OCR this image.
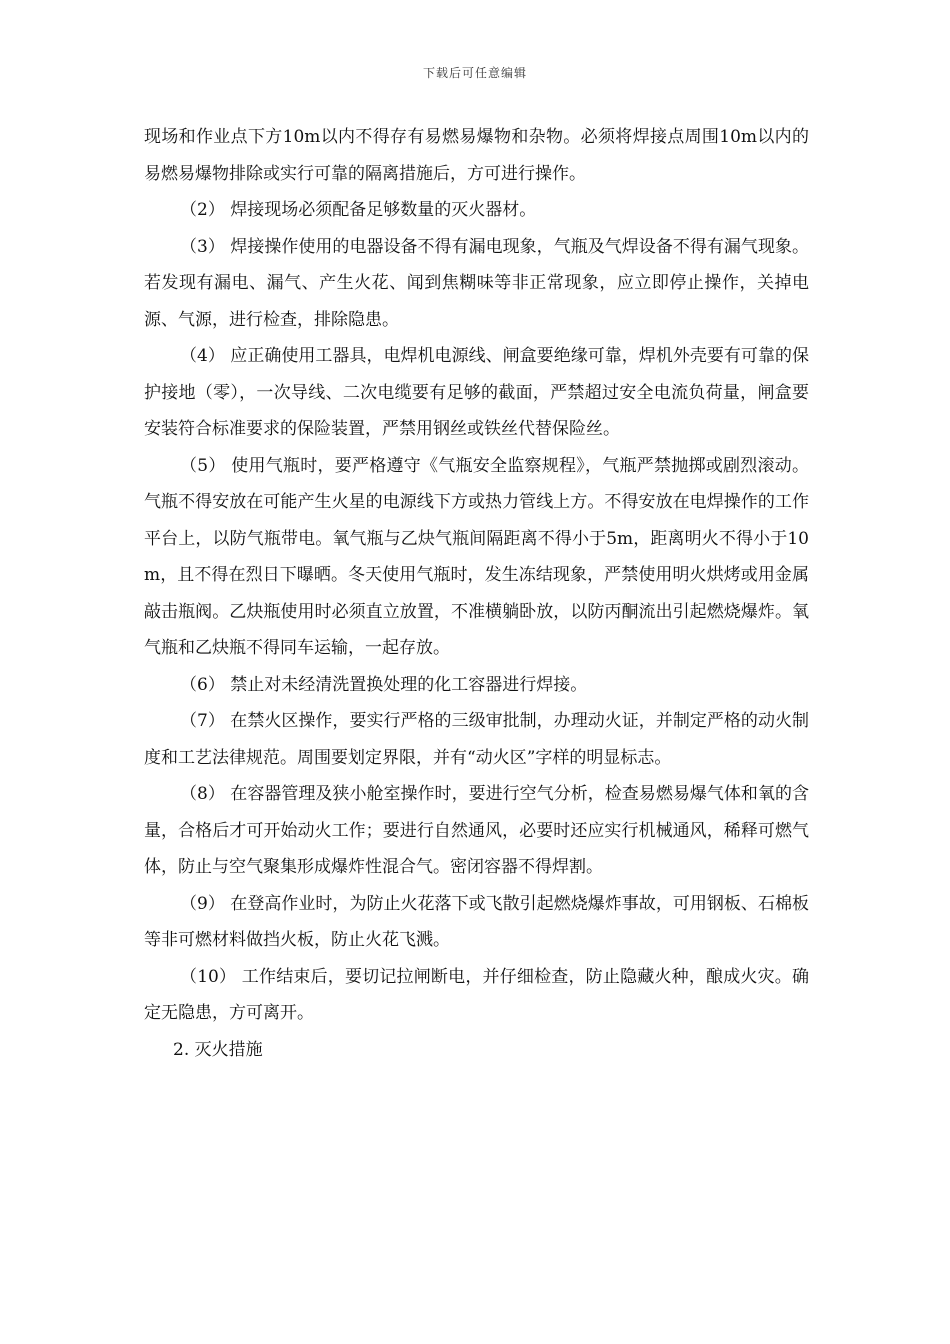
下载后可任意编辑

现场和作业点下方10m以内不得存有易燃易爆物和杂物。必须将焊接点周围10m以内的易燃易爆物排除或实行可靠的隔离措施后，方可进行操作。

（2） 焊接现场必须配备足够数量的灭火器材。

（3） 焊接操作使用的电器设备不得有漏电现象，气瓶及气焊设备不得有漏气现象。若发现有漏电、漏气、产生火花、闻到焦糊味等非正常现象，应立即停止操作，关掉电源、气源，进行检查，排除隐患。

（4） 应正确使用工器具，电焊机电源线、闸盒要绝缘可靠，焊机外壳要有可靠的保护接地（零），一次导线、二次电缆要有足够的截面，严禁超过安全电流负荷量，闸盒要安装符合标准要求的保险装置，严禁用钢丝或铁丝代替保险丝。

（5） 使用气瓶时，要严格遵守《气瓶安全监察规程》，气瓶严禁抛掷或剧烈滚动。气瓶不得安放在可能产生火星的电源线下方或热力管线上方。不得安放在电焊操作的工作平台上，以防气瓶带电。氧气瓶与乙炔气瓶间隔距离不得小于5m，距离明火不得小于10m，且不得在烈日下曝晒。冬天使用气瓶时，发生冻结现象，严禁使用明火烘烤或用金属敲击瓶阀。乙炔瓶使用时必须直立放置，不准横躺卧放，以防丙酮流出引起燃烧爆炸。氧气瓶和乙炔瓶不得同车运输，一起存放。

（6） 禁止对未经清洗置换处理的化工容器进行焊接。

（7） 在禁火区操作，要实行严格的三级审批制，办理动火证，并制定严格的动火制度和工艺法律规范。周围要划定界限，并有“动火区”字样的明显标志。

（8） 在容器管理及狭小舱室操作时，要进行空气分析，检查易燃易爆气体和氧的含量，合格后才可开始动火工作；要进行自然通风，必要时还应实行机械通风，稀释可燃气体，防止与空气聚集形成爆炸性混合气。密闭容器不得焊割。

（9） 在登高作业时，为防止火花落下或飞散引起燃烧爆炸事故，可用钢板、石棉板等非可燃材料做挡火板，防止火花飞溅。

（10） 工作结束后，要切记拉闸断电，并仔细检查，防止隐藏火种，酿成火灾。确定无隐患，方可离开。

2. 灭火措施
